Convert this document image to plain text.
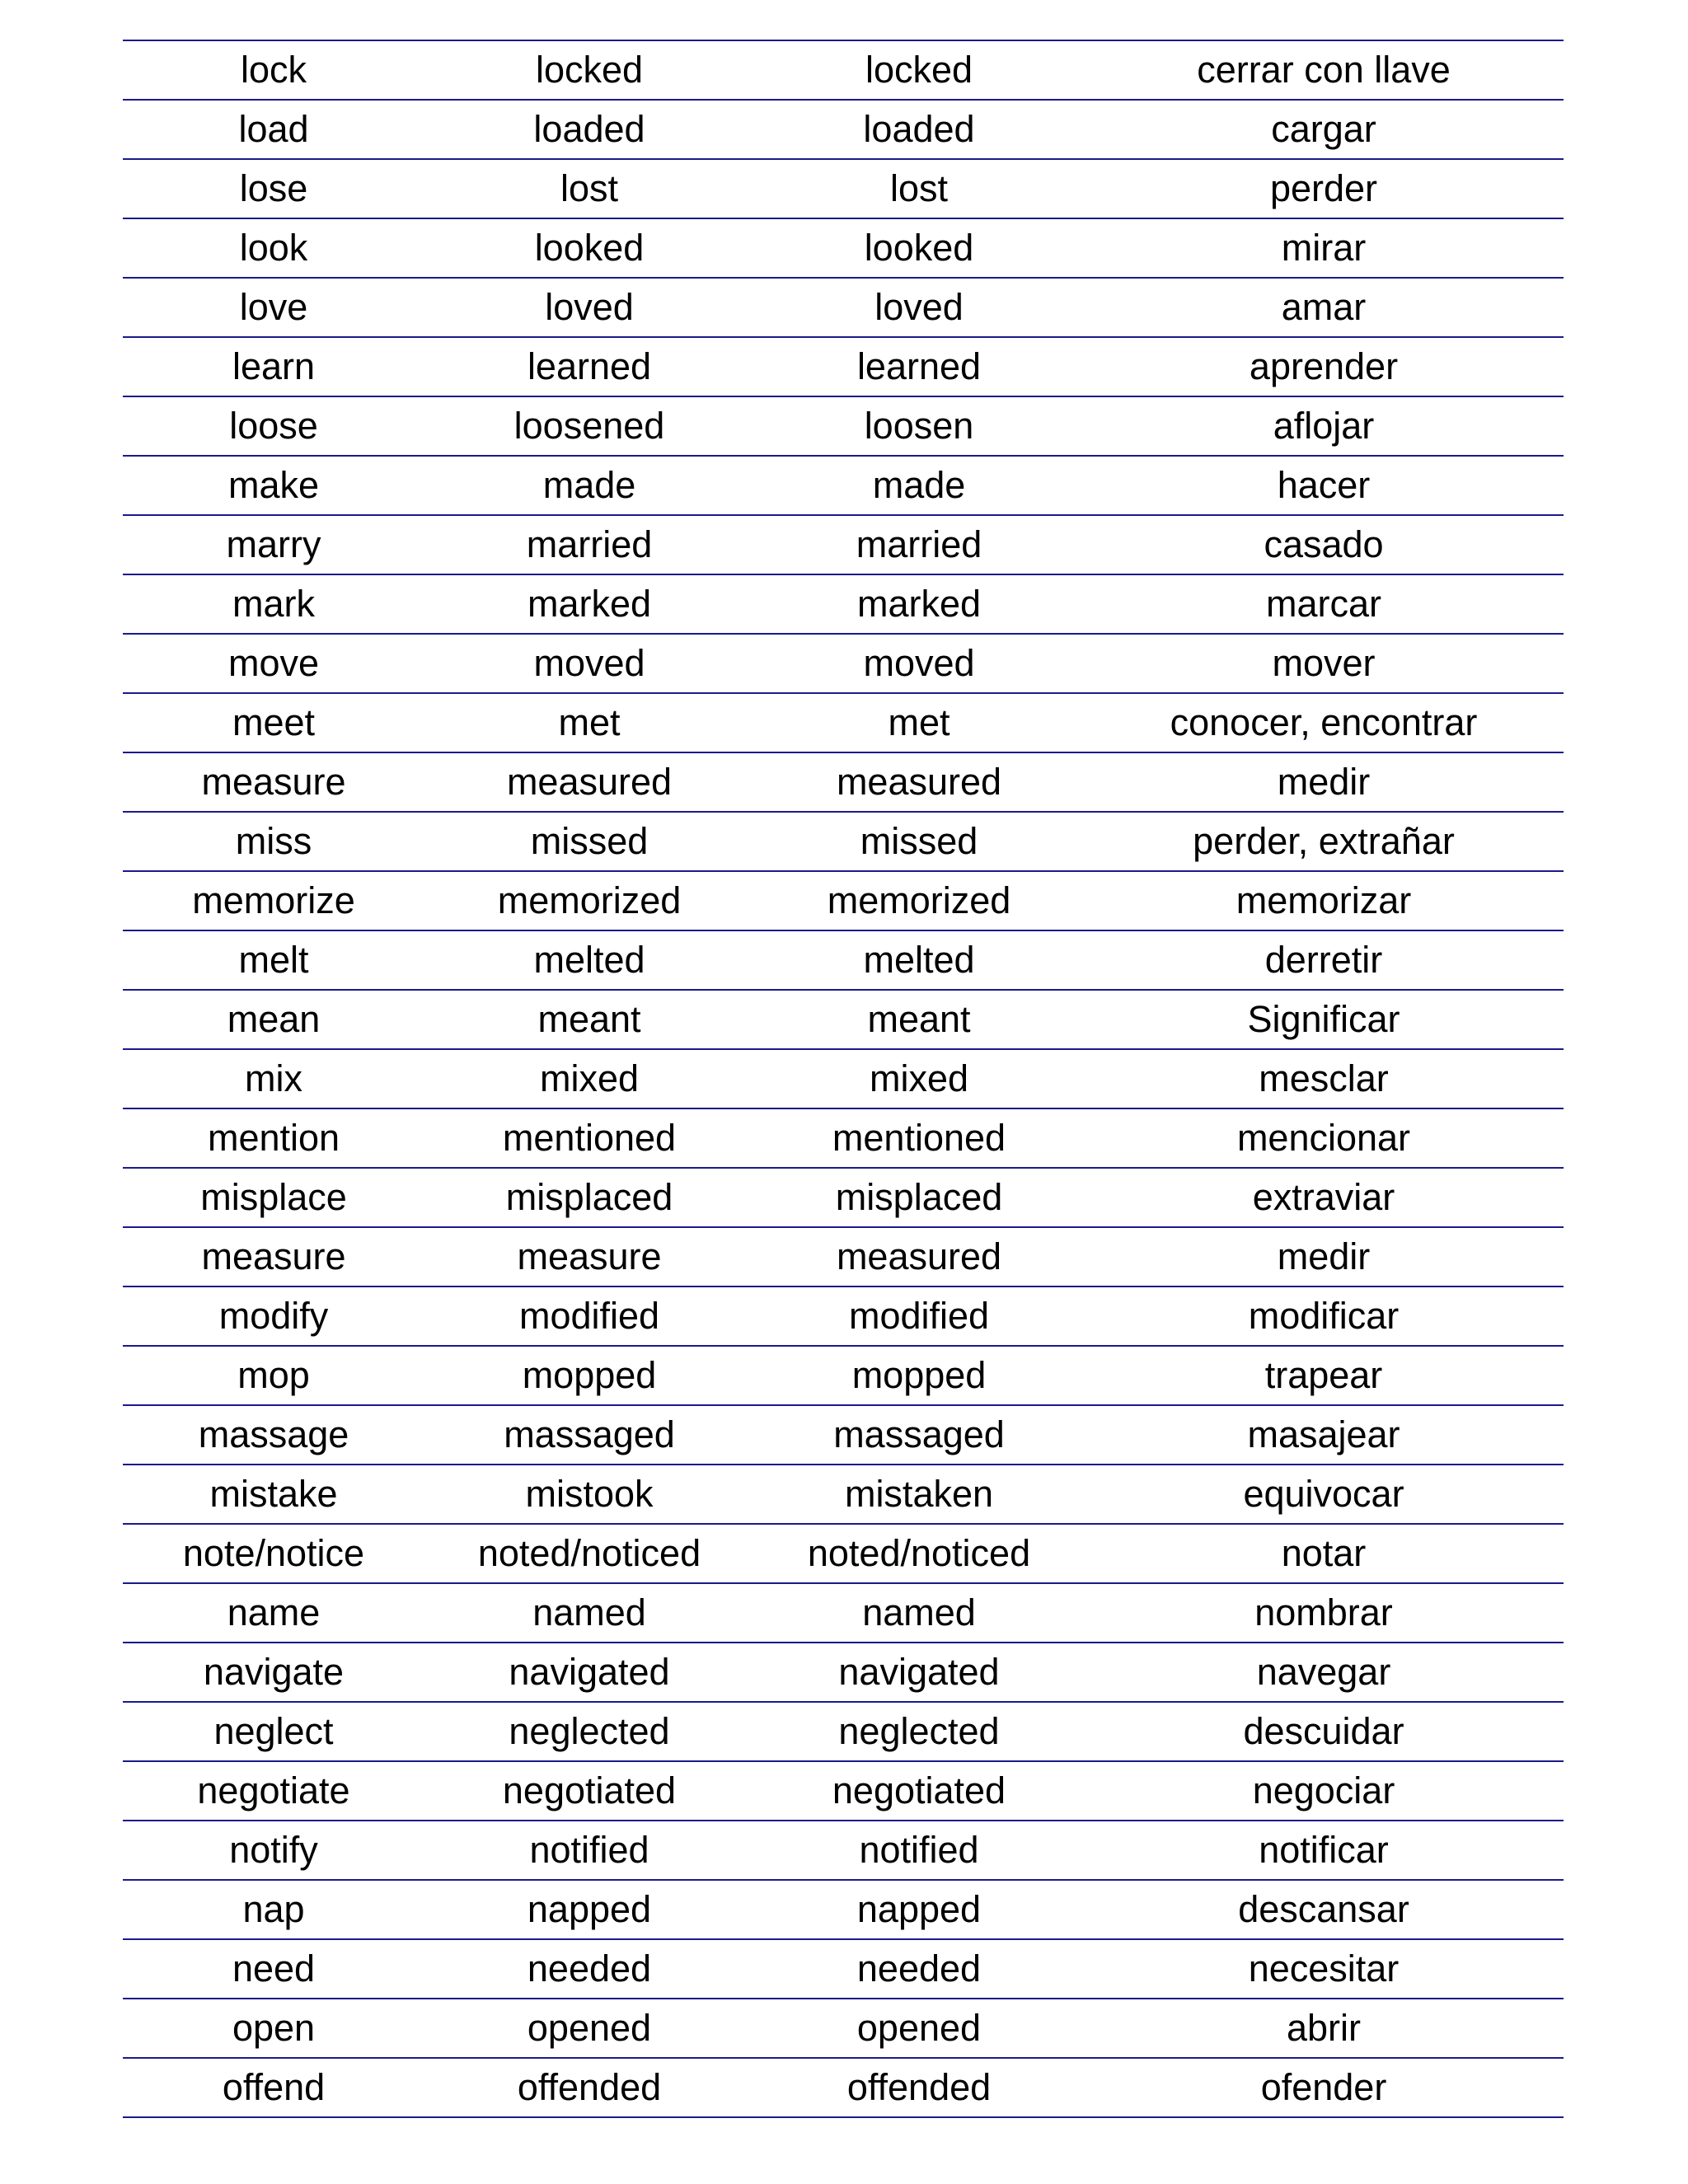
lock	locked	locked	cerrar con llave
load	loaded	loaded	cargar
lose	lost	lost	perder
look	looked	looked	mirar
love	loved	loved	amar
learn	learned	learned	aprender
loose	loosened	loosen	aflojar
make	made	made	hacer
marry	married	married	casado
mark	marked	marked	marcar
move	moved	moved	mover
meet	met	met	conocer, encontrar
measure	measured	measured	medir
miss	missed	missed	perder, extrañar
memorize	memorized	memorized	memorizar
melt	melted	melted	derretir
mean	meant	meant	Significar
mix	mixed	mixed	mesclar
mention	mentioned	mentioned	mencionar
misplace	misplaced	misplaced	extraviar
measure	measure	measured	medir
modify	modified	modified	modificar
mop	mopped	mopped	trapear
massage	massaged	massaged	masajear
mistake	mistook	mistaken	equivocar
note/notice	noted/noticed	noted/noticed	notar
name	named	named	nombrar
navigate	navigated	navigated	navegar
neglect	neglected	neglected	descuidar
negotiate	negotiated	negotiated	negociar
notify	notified	notified	notificar
nap	napped	napped	descansar
need	needed	needed	necesitar
open	opened	opened	abrir
offend	offended	offended	ofender
